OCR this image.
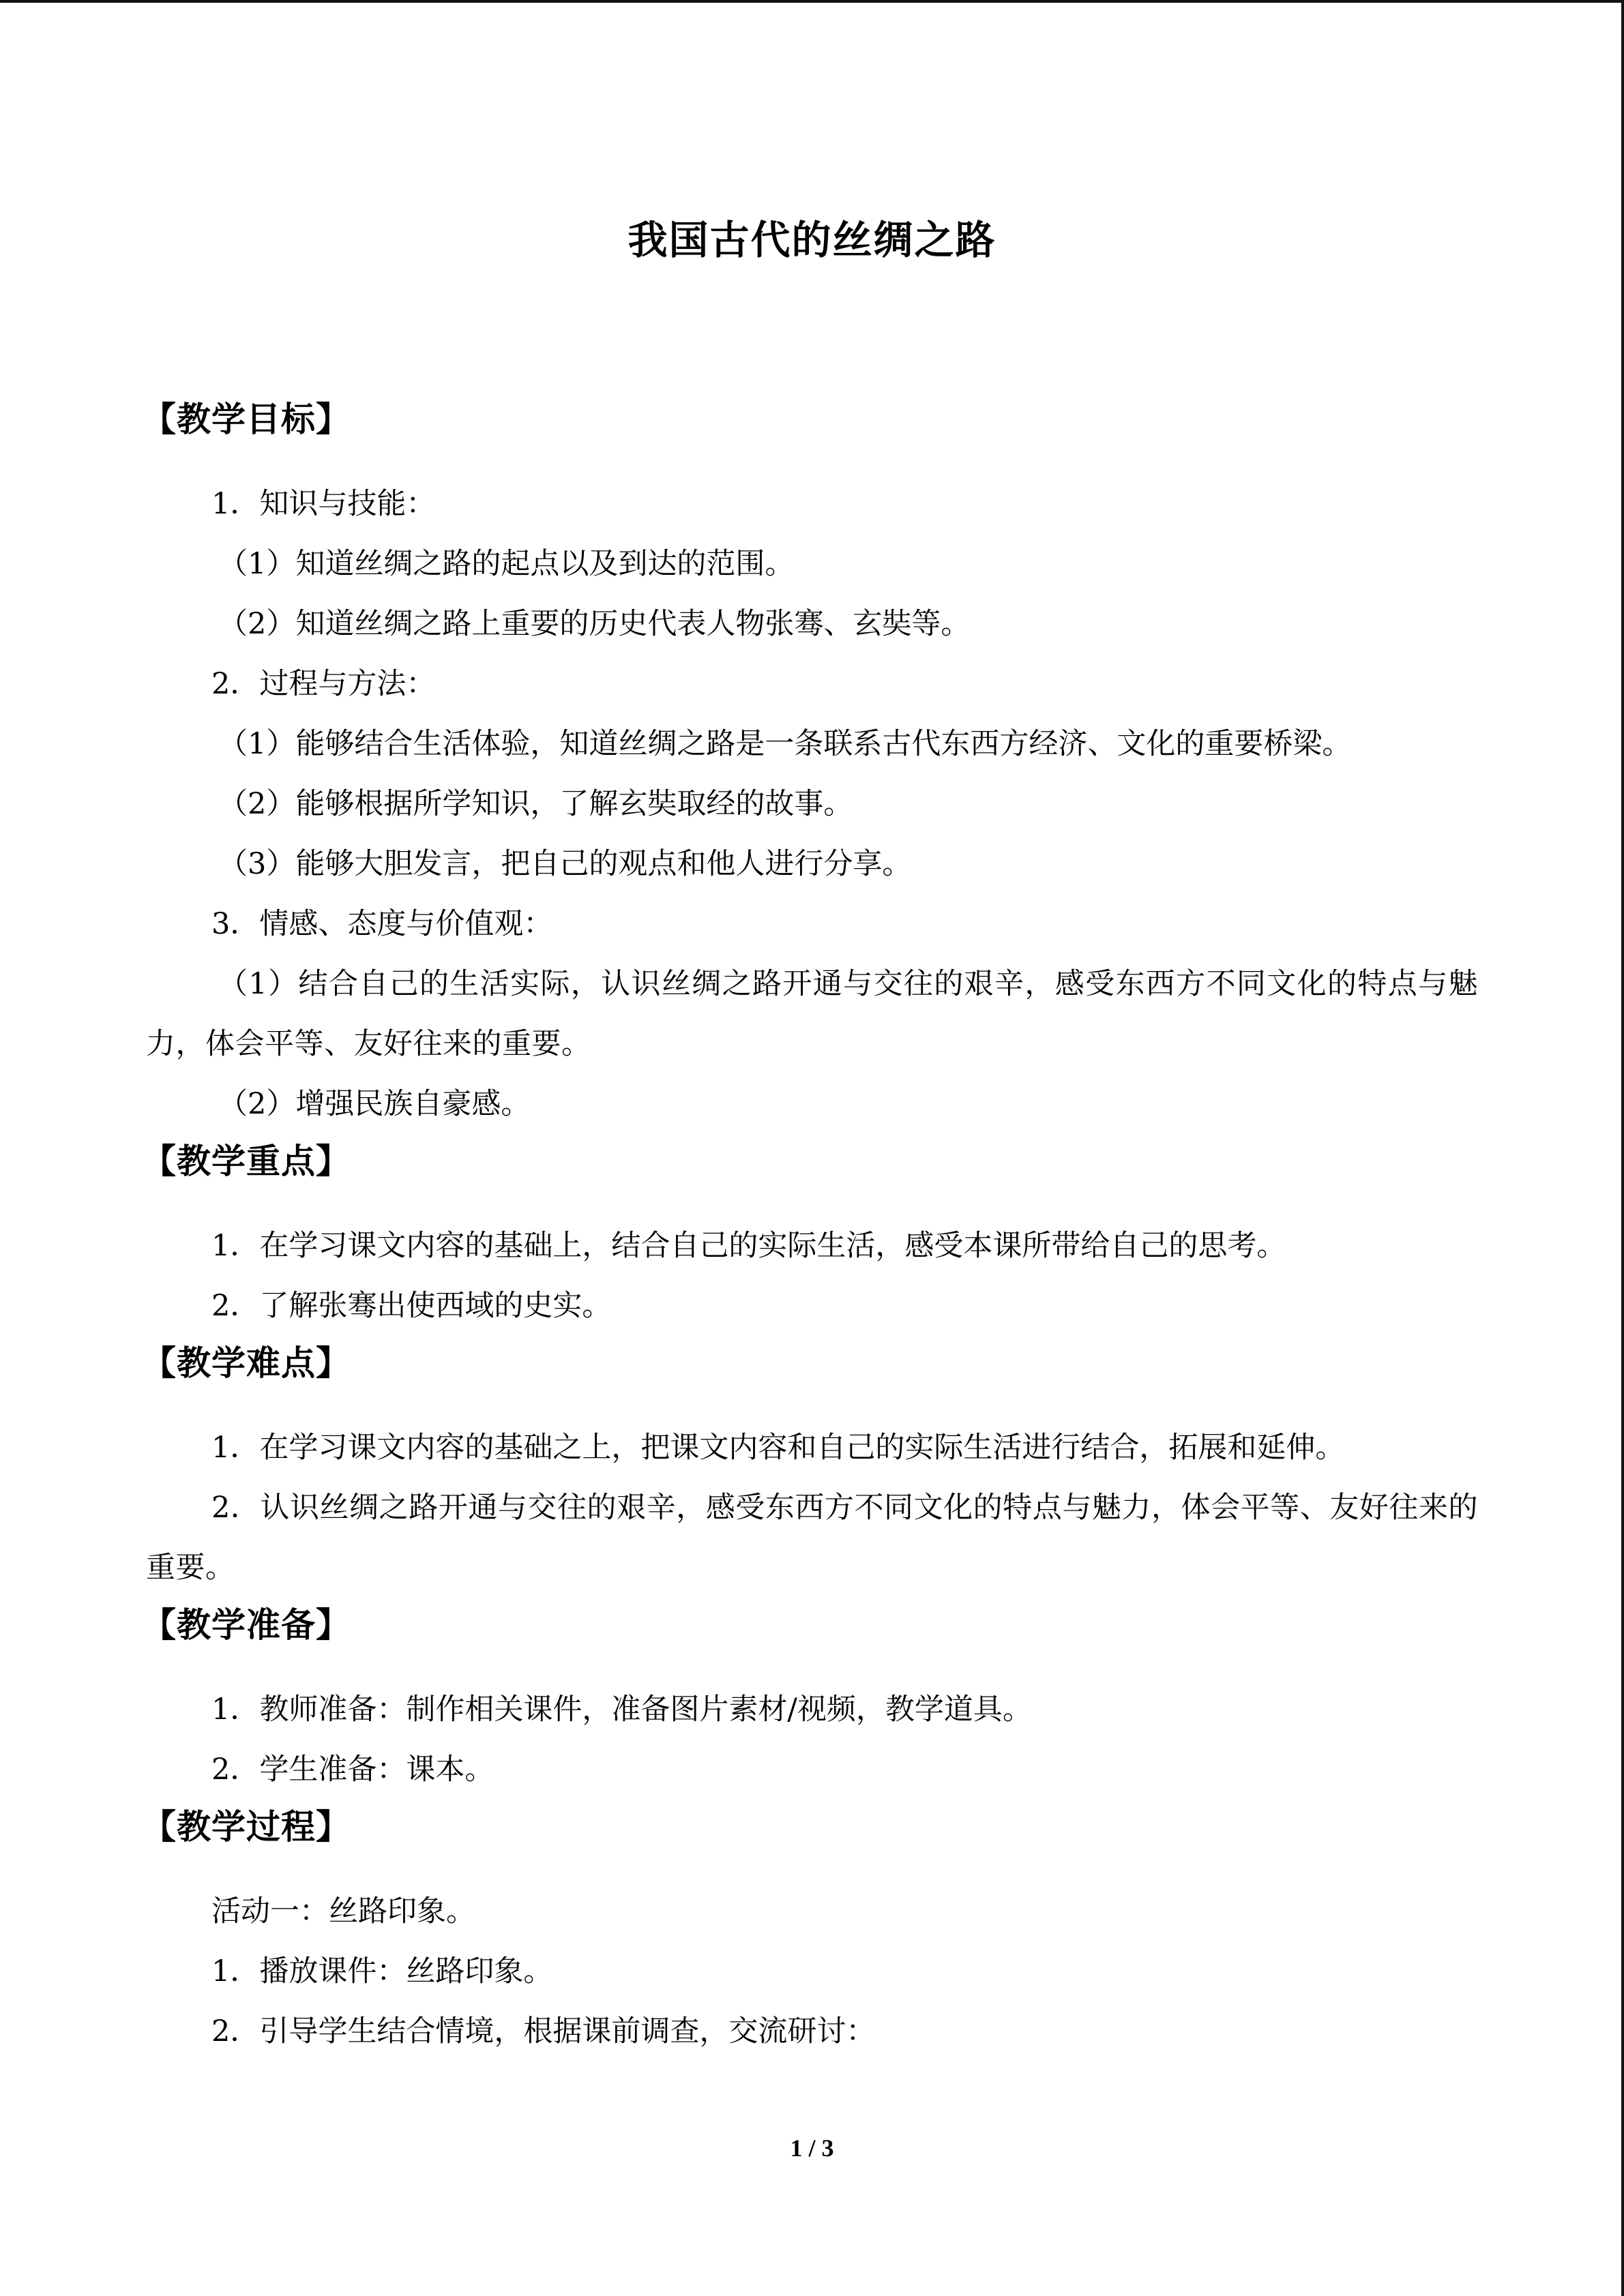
我国古代的丝绸之路
【教学目标】
1．知识与技能：
（1）知道丝绸之路的起点以及到达的范围。
（2）知道丝绸之路上重要的历史代表人物张骞、玄奘等。
2．过程与方法：
（1）能够结合生活体验，知道丝绸之路是一条联系古代东西方经济、文化的重要桥梁。
（2）能够根据所学知识，了解玄奘取经的故事。
（3）能够大胆发言，把自己的观点和他人进行分享。
3．情感、态度与价值观：
（1）结合自己的生活实际，认识丝绸之路开通与交往的艰辛，感受东西方不同文化的特点与魅力，体会平等、友好往来的重要。
（2）增强民族自豪感。
【教学重点】
1．在学习课文内容的基础上，结合自己的实际生活，感受本课所带给自己的思考。
2．了解张骞出使西域的史实。
【教学难点】
1．在学习课文内容的基础之上，把课文内容和自己的实际生活进行结合，拓展和延伸。
2．认识丝绸之路开通与交往的艰辛，感受东西方不同文化的特点与魅力，体会平等、友好往来的重要。
【教学准备】
1．教师准备：制作相关课件，准备图片素材/视频，教学道具。
2．学生准备：课本。
【教学过程】
活动一：丝路印象。
1．播放课件：丝路印象。
2．引导学生结合情境，根据课前调查，交流研讨：
1 / 3
